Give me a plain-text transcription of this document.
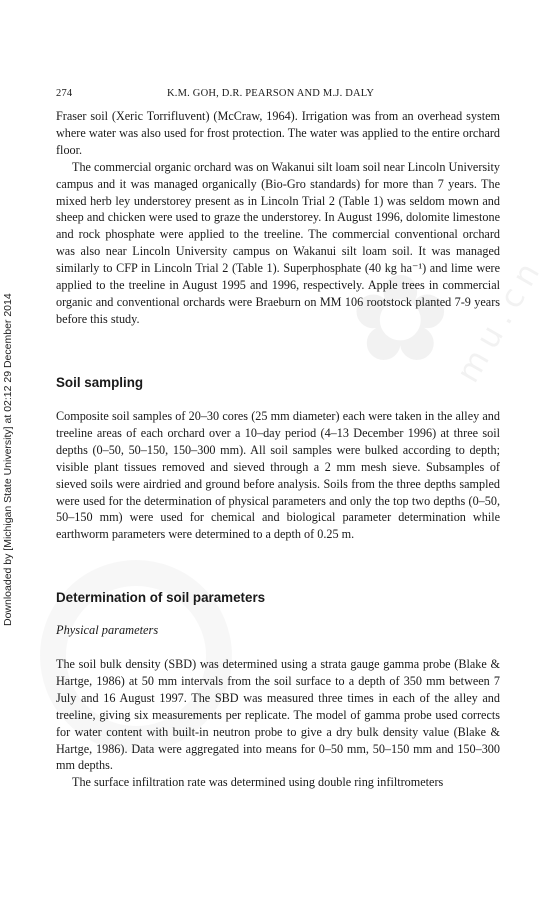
Downloaded by [Michigan State University] at 02:12 29 December 2014	✿
mu.cn
274	K.M. GOH, D.R. PEARSON AND M.J. DALY

Fraser soil (Xeric Torrifluvent) (McCraw, 1964). Irrigation was from an overhead system where water was also used for frost protection. The water was applied to the entire orchard floor.

The commercial organic orchard was on Wakanui silt loam soil near Lincoln University campus and it was managed organically (Bio-Gro standards) for more than 7 years. The mixed herb ley understorey present as in Lincoln Trial 2 (Table 1) was seldom mown and sheep and chicken were used to graze the understorey. In August 1996, dolomite limestone and rock phosphate were applied to the treeline. The commercial conventional orchard was also near Lincoln University campus on Wakanui silt loam soil. It was managed similarly to CFP in Lincoln Trial 2 (Table 1). Superphosphate (40 kg ha⁻¹) and lime were applied to the treeline in August 1995 and 1996, respectively. Apple trees in commercial organic and conventional orchards were Braeburn on MM 106 rootstock planted 7-9 years before this study.

Soil sampling

Composite soil samples of 20–30 cores (25 mm diameter) each were taken in the alley and treeline areas of each orchard over a 10–day period (4–13 December 1996) at three soil depths (0–50, 50–150, 150–300 mm). All soil samples were bulked according to depth; visible plant tissues removed and sieved through a 2 mm mesh sieve. Subsamples of sieved soils were airdried and ground before analysis. Soils from the three depths sampled were used for the determination of physical parameters and only the top two depths (0–50, 50–150 mm) were used for chemical and biological parameter determination while earthworm parameters were determined to a depth of 0.25 m.

Determination of soil parameters
Physical parameters

The soil bulk density (SBD) was determined using a strata gauge gamma probe (Blake & Hartge, 1986) at 50 mm intervals from the soil surface to a depth of 350 mm between 7 July and 16 August 1997. The SBD was measured three times in each of the alley and treeline, giving six measurements per replicate. The model of gamma probe used corrects for water content with built-in neutron probe to give a dry bulk density value (Blake & Hartge, 1986). Data were aggregated into means for 0–50 mm, 50–150 mm and 150–300 mm depths.

The surface infiltration rate was determined using double ring infiltrometers
